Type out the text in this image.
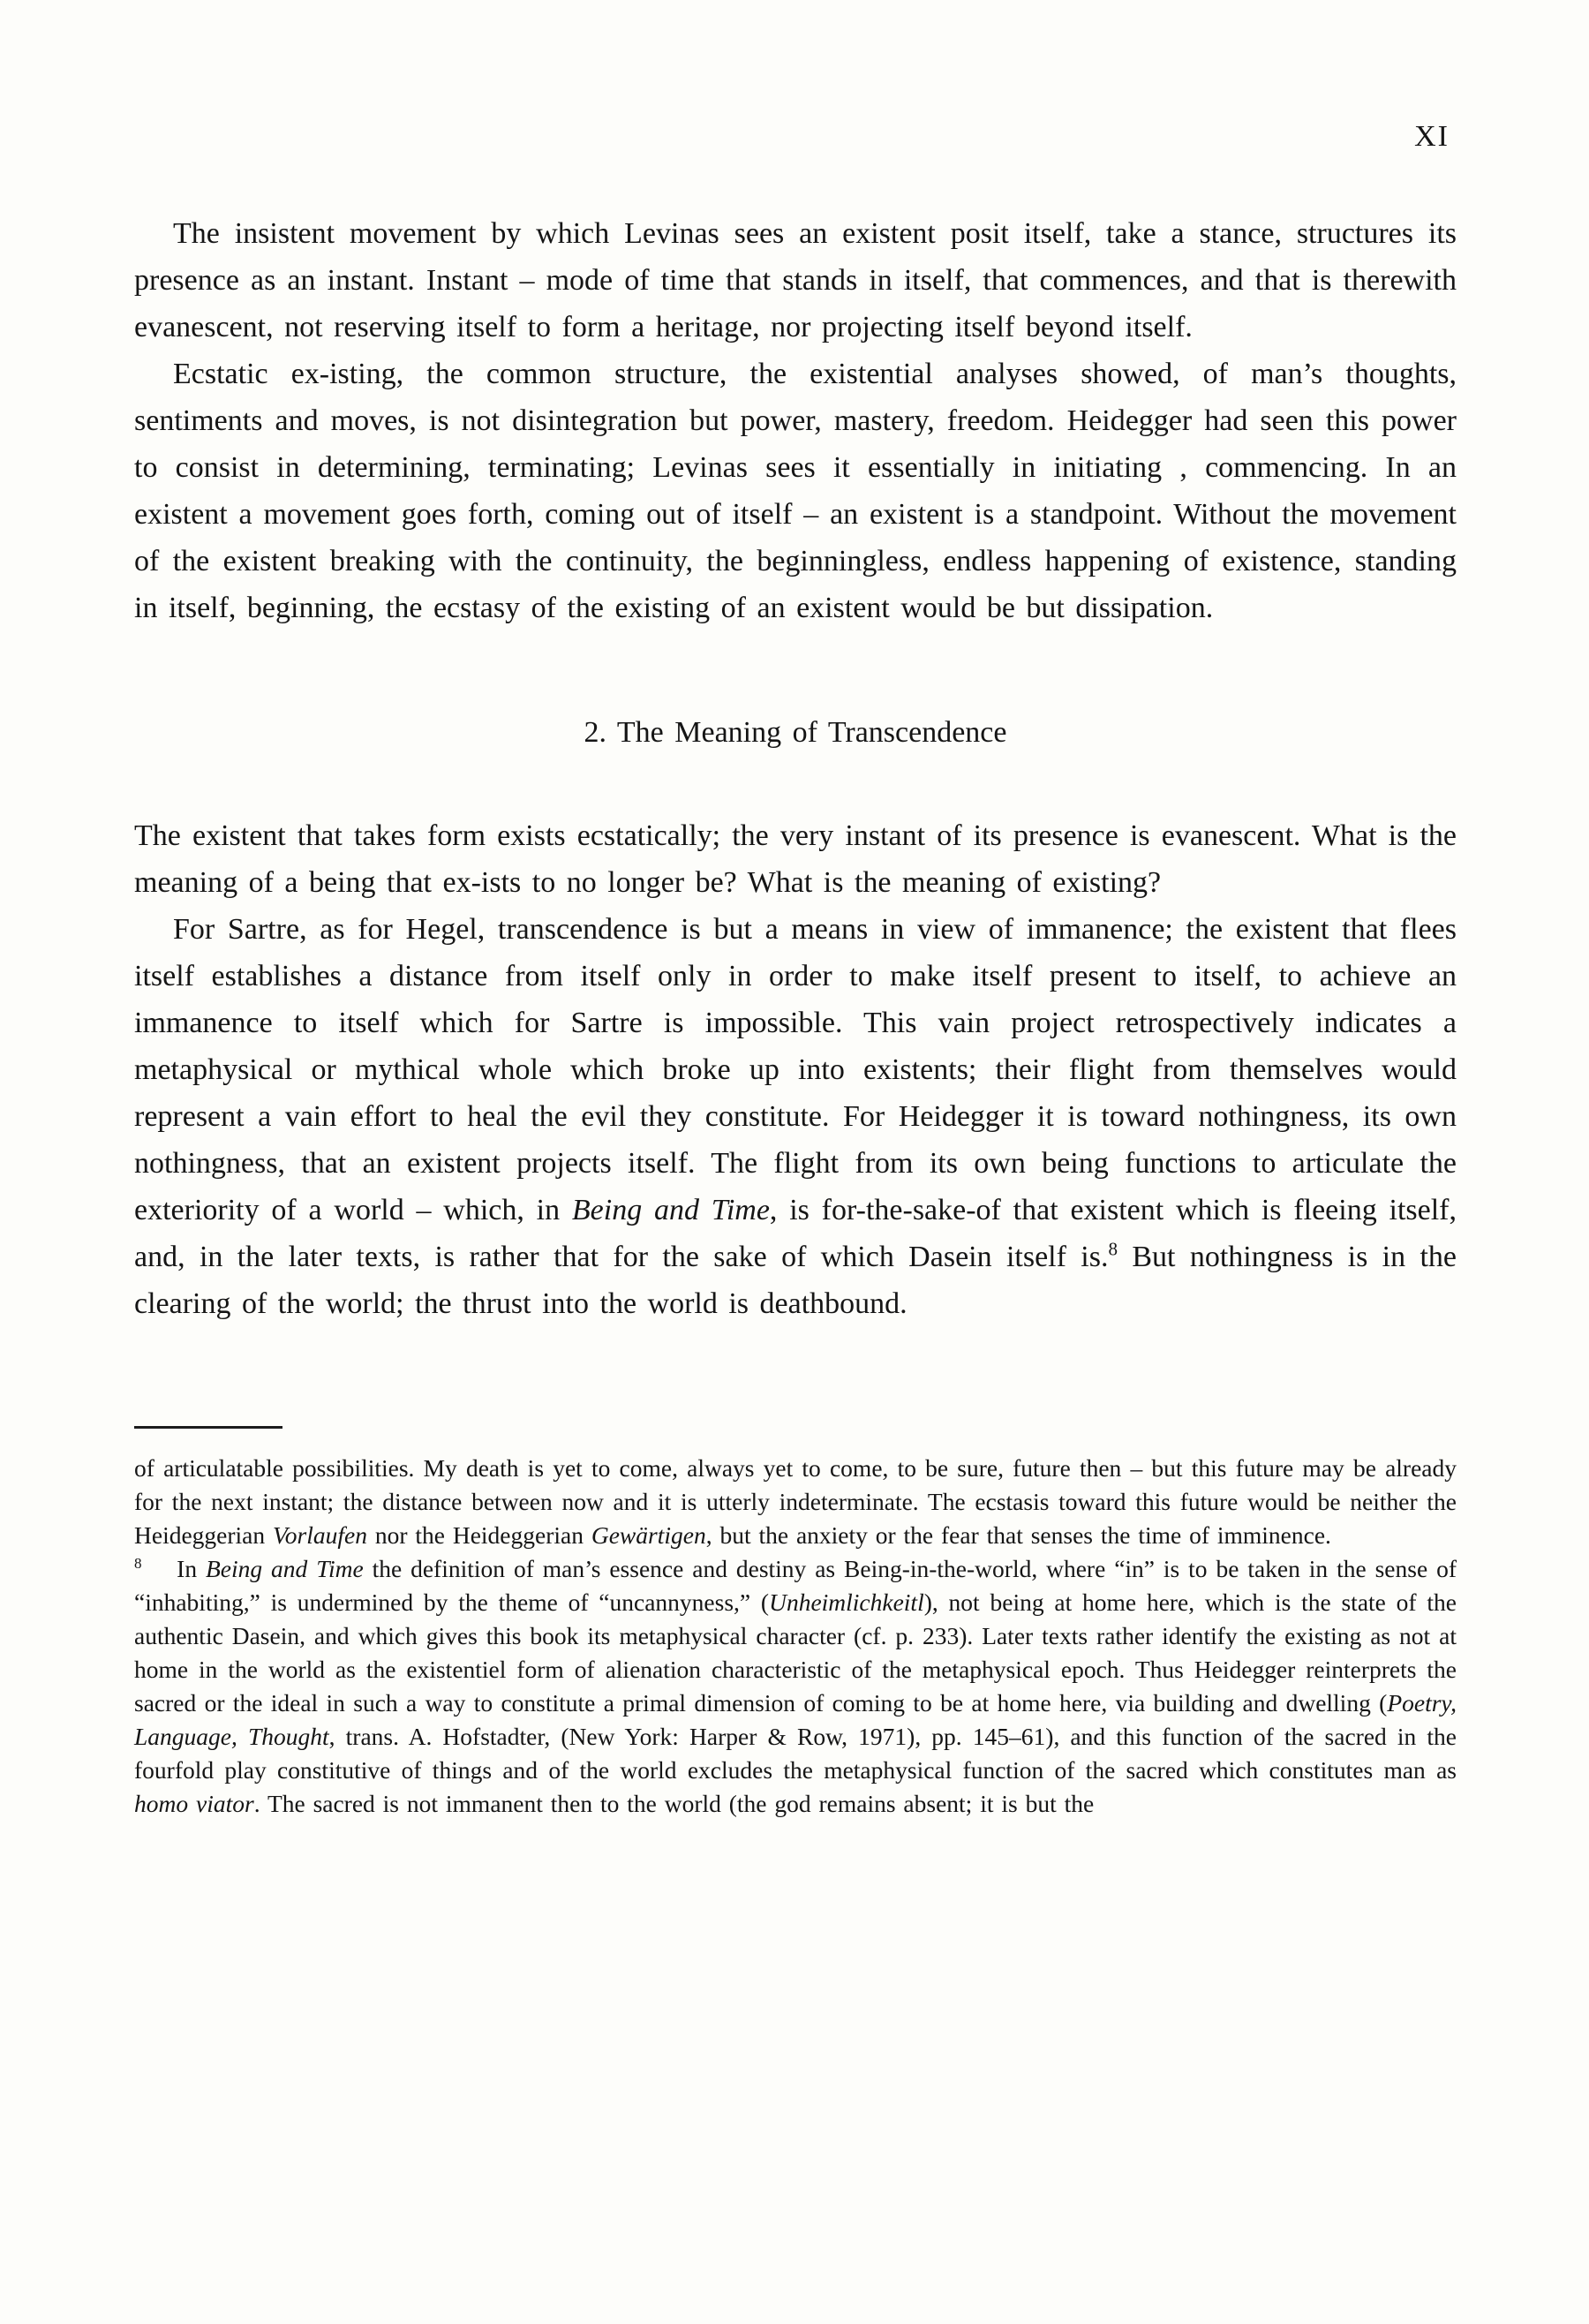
XI

The insistent movement by which Levinas sees an existent posit itself, take a stance, structures its presence as an instant. Instant – mode of time that stands in itself, that commences, and that is therewith evanescent, not reserving itself to form a heritage, nor projecting itself beyond itself.

Ecstatic ex-isting, the common structure, the existential analyses showed, of man’s thoughts, sentiments and moves, is not disintegration but power, mastery, freedom. Heidegger had seen this power to consist in determining, terminating; Levinas sees it essentially in initiating , commencing. In an existent a movement goes forth, coming out of itself – an existent is a standpoint. Without the movement of the existent breaking with the continuity, the beginningless, endless happening of existence, standing in itself, beginning, the ecstasy of the existing of an existent would be but dissipation.

2. The Meaning of Transcendence

The existent that takes form exists ecstatically; the very instant of its presence is evanescent. What is the meaning of a being that ex-ists to no longer be? What is the meaning of existing?

For Sartre, as for Hegel, transcendence is but a means in view of immanence; the existent that flees itself establishes a distance from itself only in order to make itself present to itself, to achieve an immanence to itself which for Sartre is impossible. This vain project retrospectively indicates a metaphysical or mythical whole which broke up into existents; their flight from themselves would represent a vain effort to heal the evil they constitute. For Heidegger it is toward nothingness, its own nothingness, that an existent projects itself. The flight from its own being functions to articulate the exteriority of a world – which, in Being and Time, is for-the-sake-of that existent which is fleeing itself, and, in the later texts, is rather that for the sake of which Dasein itself is.$^8$ But nothingness is in the clearing of the world; the thrust into the world is deathbound.

of articulatable possibilities. My death is yet to come, always yet to come, to be sure, future then – but this future may be already for the next instant; the distance between now and it is utterly indeterminate. The ecstasis toward this future would be neither the Heideggerian Vorlaufen nor the Heideggerian Gewärtigen, but the anxiety or the fear that senses the time of imminence.

$^8$    In Being and Time the definition of man’s essence and destiny as Being-in-the-world, where “in” is to be taken in the sense of “inhabiting,” is undermined by the theme of “uncannyness,” (Unheimlichkeitl), not being at home here, which is the state of the authentic Dasein, and which gives this book its metaphysical character (cf. p. 233). Later texts rather identify the existing as not at home in the world as the existentiel form of alienation characteristic of the metaphysical epoch. Thus Heidegger reinterprets the sacred or the ideal in such a way to constitute a primal dimension of coming to be at home here, via building and dwelling (Poetry, Language, Thought, trans. A. Hofstadter, (New York: Harper & Row, 1971), pp. 145–61), and this function of the sacred in the fourfold play constitutive of things and of the world excludes the metaphysical function of the sacred which constitutes man as homo viator. The sacred is not immanent then to the world (the god remains absent; it is but the
